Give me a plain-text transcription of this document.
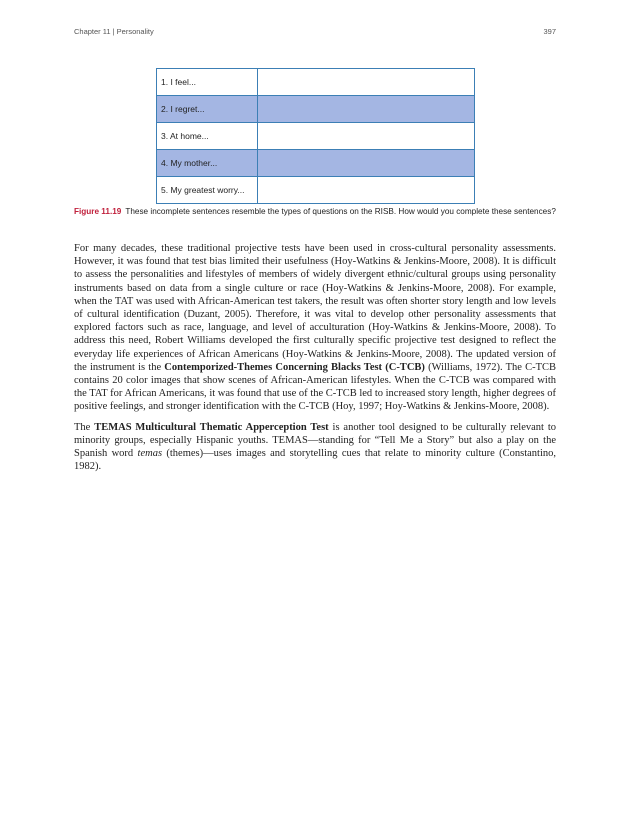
Chapter 11 | Personality	397
1. I feel...	
2. I regret...	
3. At home...	
4. My mother...	
5. My greatest worry...	
Figure 11.19 These incomplete sentences resemble the types of questions on the RISB. How would you complete these sentences?

For many decades, these traditional projective tests have been used in cross-cultural personality assessments. However, it was found that test bias limited their usefulness (Hoy-Watkins & Jenkins-Moore, 2008). It is difficult to assess the personalities and lifestyles of members of widely divergent ethnic/cultural groups using personality instruments based on data from a single culture or race (Hoy-Watkins & Jenkins-Moore, 2008). For example, when the TAT was used with African-American test takers, the result was often shorter story length and low levels of cultural identification (Duzant, 2005). Therefore, it was vital to develop other personality assessments that explored factors such as race, language, and level of acculturation (Hoy-Watkins & Jenkins-Moore, 2008). To address this need, Robert Williams developed the first culturally specific projective test designed to reflect the everyday life experiences of African Americans (Hoy-Watkins & Jenkins-Moore, 2008). The updated version of the instrument is the Contemporized-Themes Concerning Blacks Test (C-TCB) (Williams, 1972). The C-TCB contains 20 color images that show scenes of African-American lifestyles. When the C-TCB was compared with the TAT for African Americans, it was found that use of the C-TCB led to increased story length, higher degrees of positive feelings, and stronger identification with the C-TCB (Hoy, 1997; Hoy-Watkins & Jenkins-Moore, 2008).

The TEMAS Multicultural Thematic Apperception Test is another tool designed to be culturally relevant to minority groups, especially Hispanic youths. TEMAS—standing for “Tell Me a Story” but also a play on the Spanish word temas (themes)—uses images and storytelling cues that relate to minority culture (Constantino, 1982).
